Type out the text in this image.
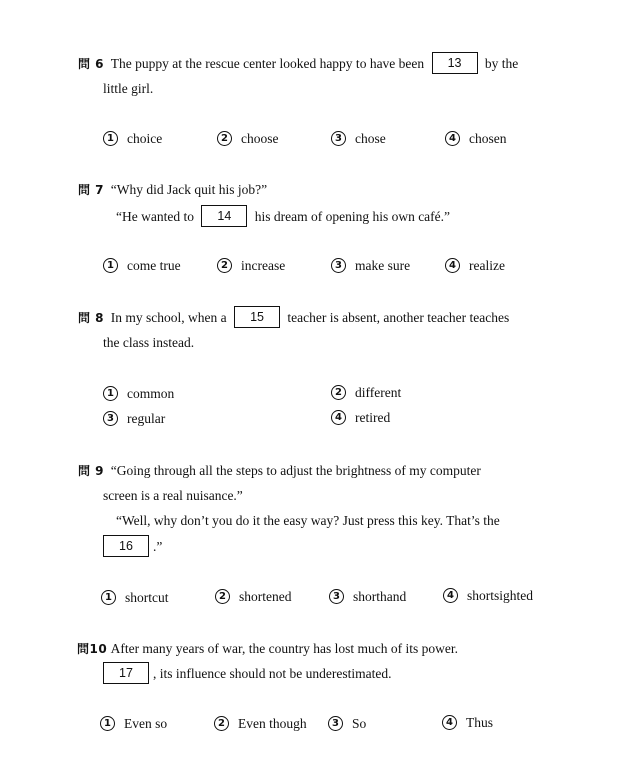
問 6 The puppy at the rescue center looked happy to have been 13 by the
little girl.
1 choice	2 choose	3 chose	4 chosen
問 7 “Why did Jack quit his job?”
“He wanted to 14 his dream of opening his own café.”
1 come true	2 increase	3 make sure	4 realize
問 8 In my school, when a 15 teacher is absent, another teacher teaches
the class instead.
1 common	2 different
3 regular	4 retired
問 9 “Going through all the steps to adjust the brightness of my computer
screen is a real nuisance.”
“Well, why don’t you do it the easy way? Just press this key. That’s the
16 .”
1 shortcut	2 shortened	3 shorthand	4 shortsighted
問10 After many years of war, the country has lost much of its power.
17 , its influence should not be underestimated.
1 Even so	2 Even though	3 So	4 Thus
